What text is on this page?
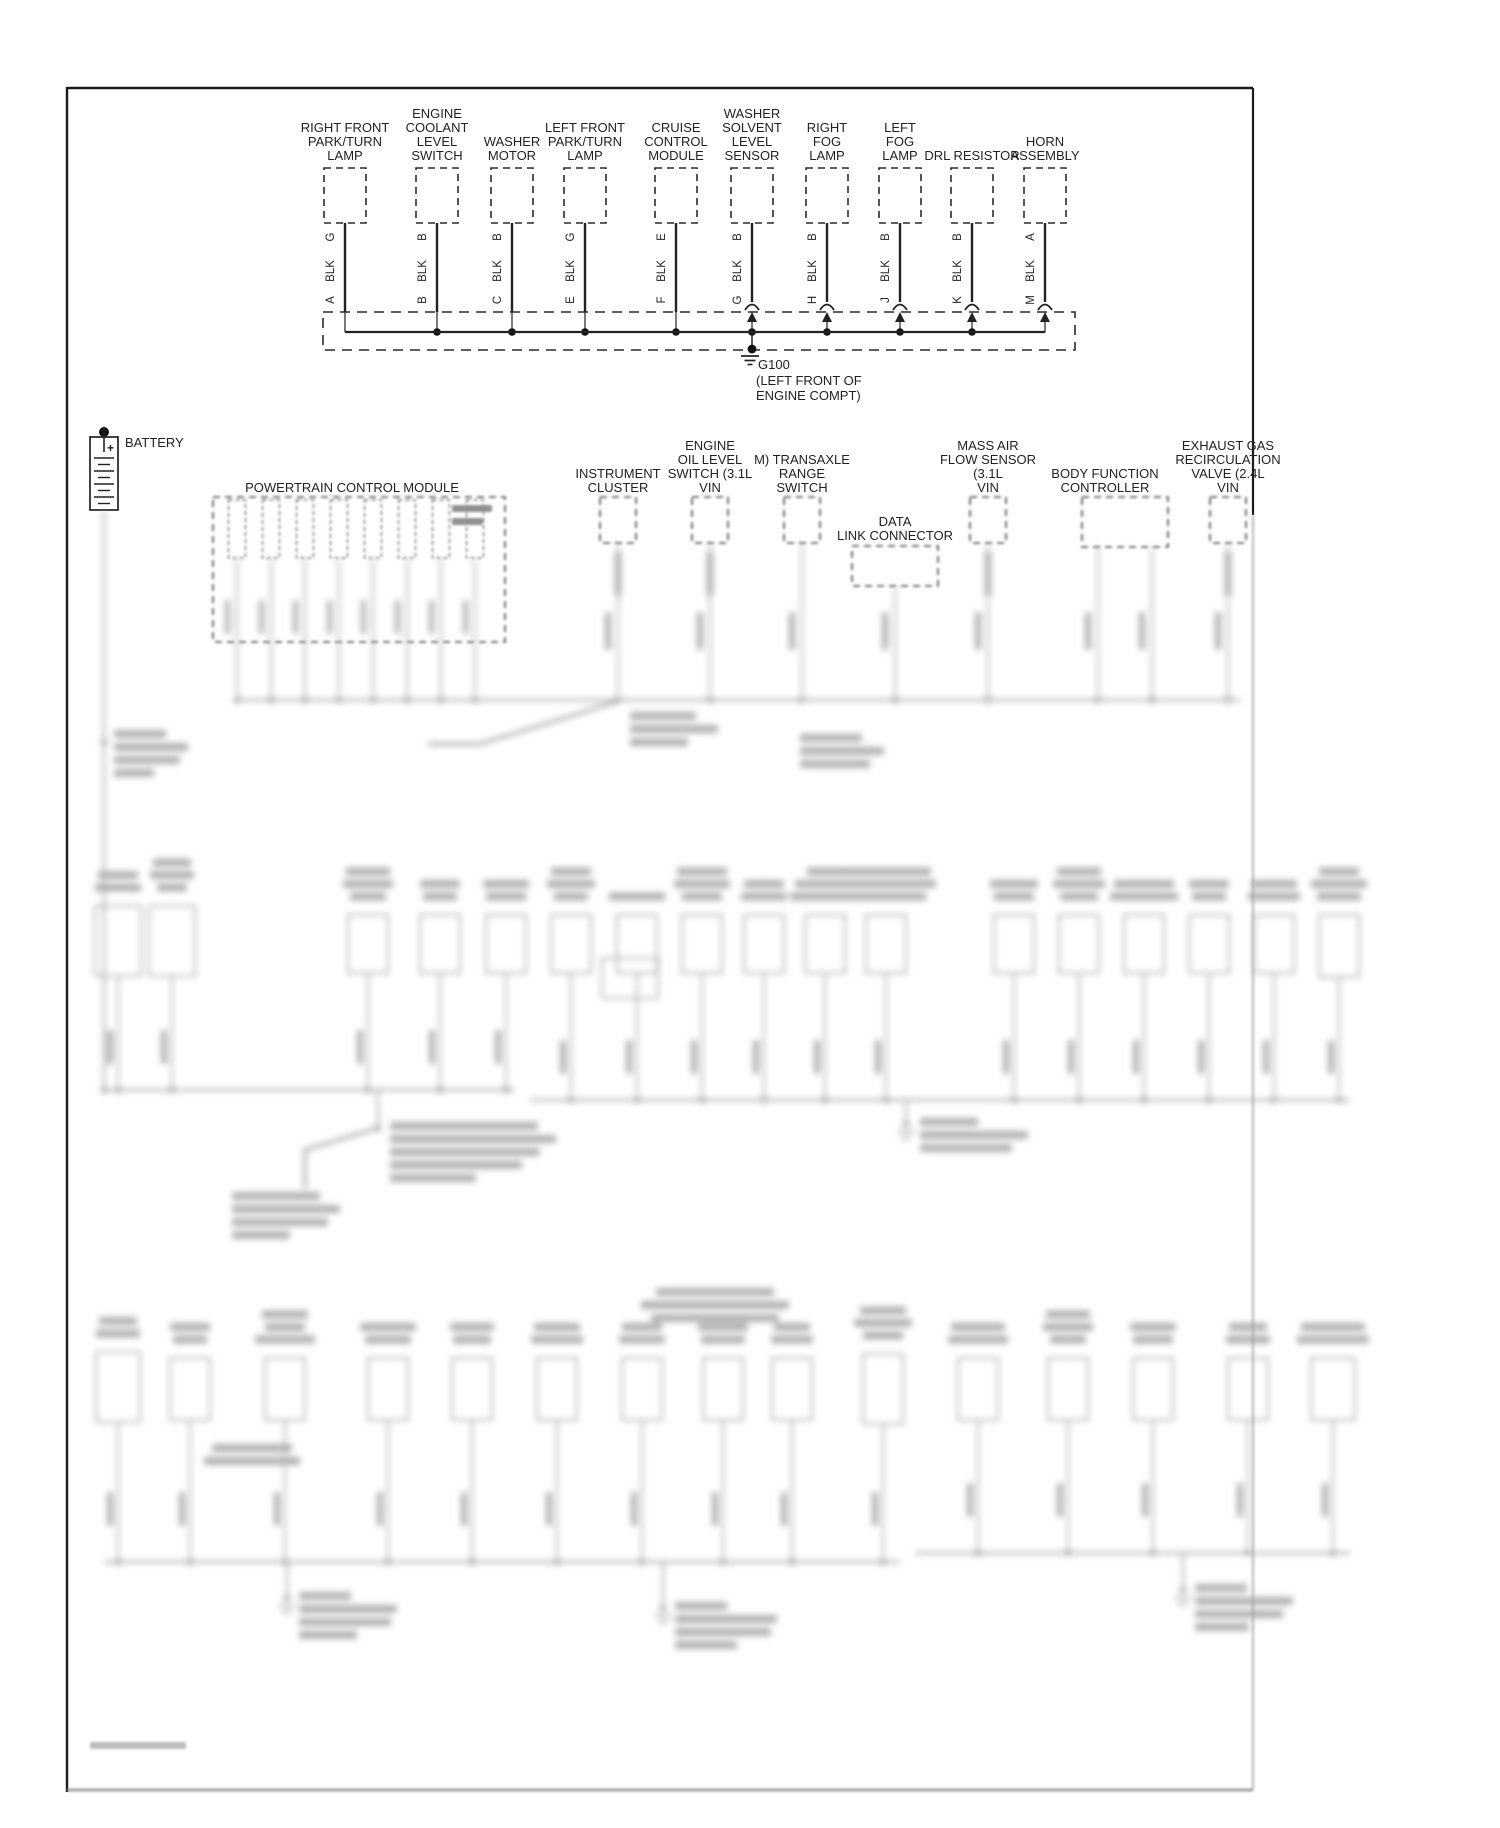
RIGHT FRONT
PARK/TURN
LAMP
G
BLK
A
ENGINE
COOLANT
LEVEL
SWITCH
B
BLK
B
WASHER
MOTOR
B
BLK
C
LEFT FRONT
PARK/TURN
LAMP
G
BLK
E
CRUISE
CONTROL
MODULE
E
BLK
F
WASHER
SOLVENT
LEVEL
SENSOR
B
BLK
G
RIGHT
FOG
LAMP
B
BLK
H
LEFT
FOG
LAMP
B
BLK
J
DRL RESISTOR
B
BLK
K
HORN
ASSEMBLY
A
BLK
M
G100
(LEFT FRONT OF
ENGINE COMPT)
+ BATTERY
POWERTRAIN CONTROL MODULE
INSTRUMENT
CLUSTER
ENGINE
OIL LEVEL
SWITCH (3.1L
VIN
M) TRANSAXLE
RANGE
SWITCH
DATA
LINK CONNECTOR
MASS AIR
FLOW SENSOR
(3.1L
VIN
BODY FUNCTION
CONTROLLER
EXHAUST GAS
RECIRCULATION
VALVE (2.4L
VIN
